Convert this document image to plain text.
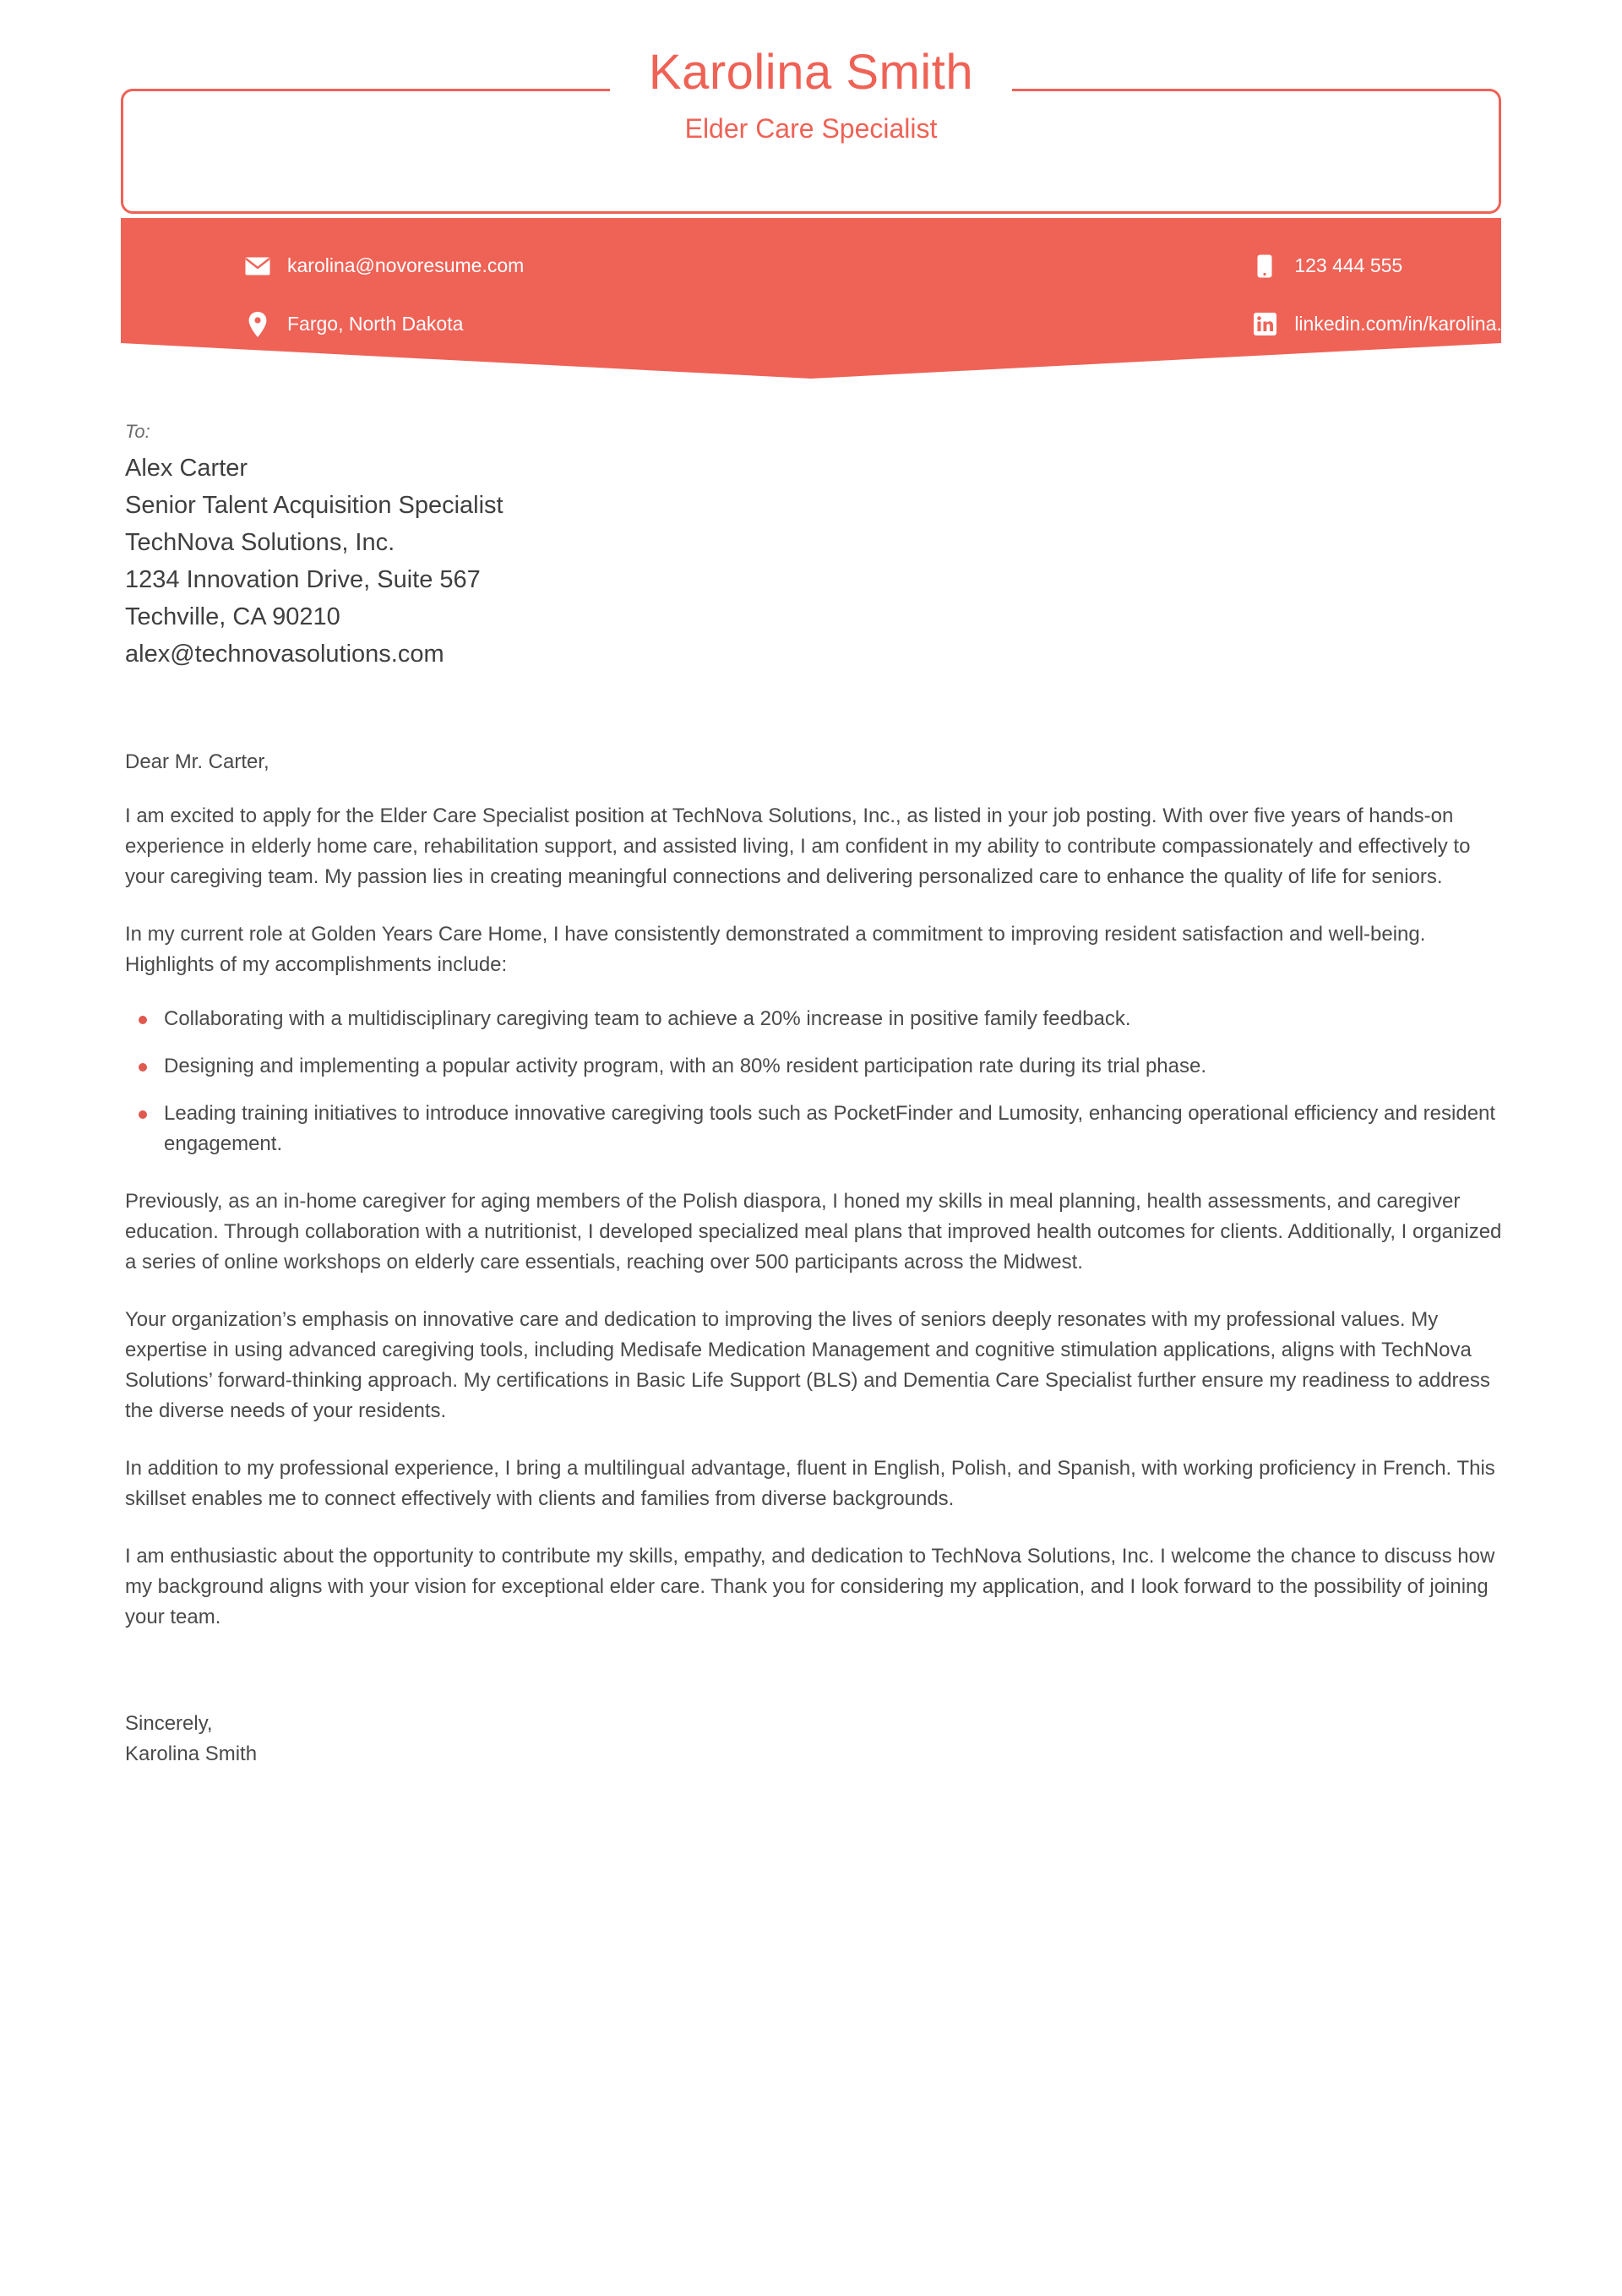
Karolina Smith
Elder Care Specialist
karolina@novoresume.com	123 444 555
Fargo, North Dakota	linkedin.com/in/karolina.smith
To:
Alex Carter
Senior Talent Acquisition Specialist
TechNova Solutions, Inc.
1234 Innovation Drive, Suite 567
Techville, CA 90210
alex@technovasolutions.com
Dear Mr. Carter,

I am excited to apply for the Elder Care Specialist position at TechNova Solutions, Inc., as listed in your job posting. With over five years of hands-on experience in elderly home care, rehabilitation support, and assisted living, I am confident in my ability to contribute compassionately and effectively to your caregiving team. My passion lies in creating meaningful connections and delivering personalized care to enhance the quality of life for seniors.

In my current role at Golden Years Care Home, I have consistently demonstrated a commitment to improving resident satisfaction and well-being. Highlights of my accomplishments include:

Collaborating with a multidisciplinary caregiving team to achieve a 20% increase in positive family feedback.
Designing and implementing a popular activity program, with an 80% resident participation rate during its trial phase.
Leading training initiatives to introduce innovative caregiving tools such as PocketFinder and Lumosity, enhancing operational efficiency and resident engagement.

Previously, as an in-home caregiver for aging members of the Polish diaspora, I honed my skills in meal planning, health assessments, and caregiver education. Through collaboration with a nutritionist, I developed specialized meal plans that improved health outcomes for clients. Additionally, I organized a series of online workshops on elderly care essentials, reaching over 500 participants across the Midwest.

Your organization’s emphasis on innovative care and dedication to improving the lives of seniors deeply resonates with my professional values. My expertise in using advanced caregiving tools, including Medisafe Medication Management and cognitive stimulation applications, aligns with TechNova Solutions’ forward-thinking approach. My certifications in Basic Life Support (BLS) and Dementia Care Specialist further ensure my readiness to address the diverse needs of your residents.

In addition to my professional experience, I bring a multilingual advantage, fluent in English, Polish, and Spanish, with working proficiency in French. This skillset enables me to connect effectively with clients and families from diverse backgrounds.

I am enthusiastic about the opportunity to contribute my skills, empathy, and dedication to TechNova Solutions, Inc. I welcome the chance to discuss how my background aligns with your vision for exceptional elder care. Thank you for considering my application, and I look forward to the possibility of joining your team.

Sincerely,
Karolina Smith
